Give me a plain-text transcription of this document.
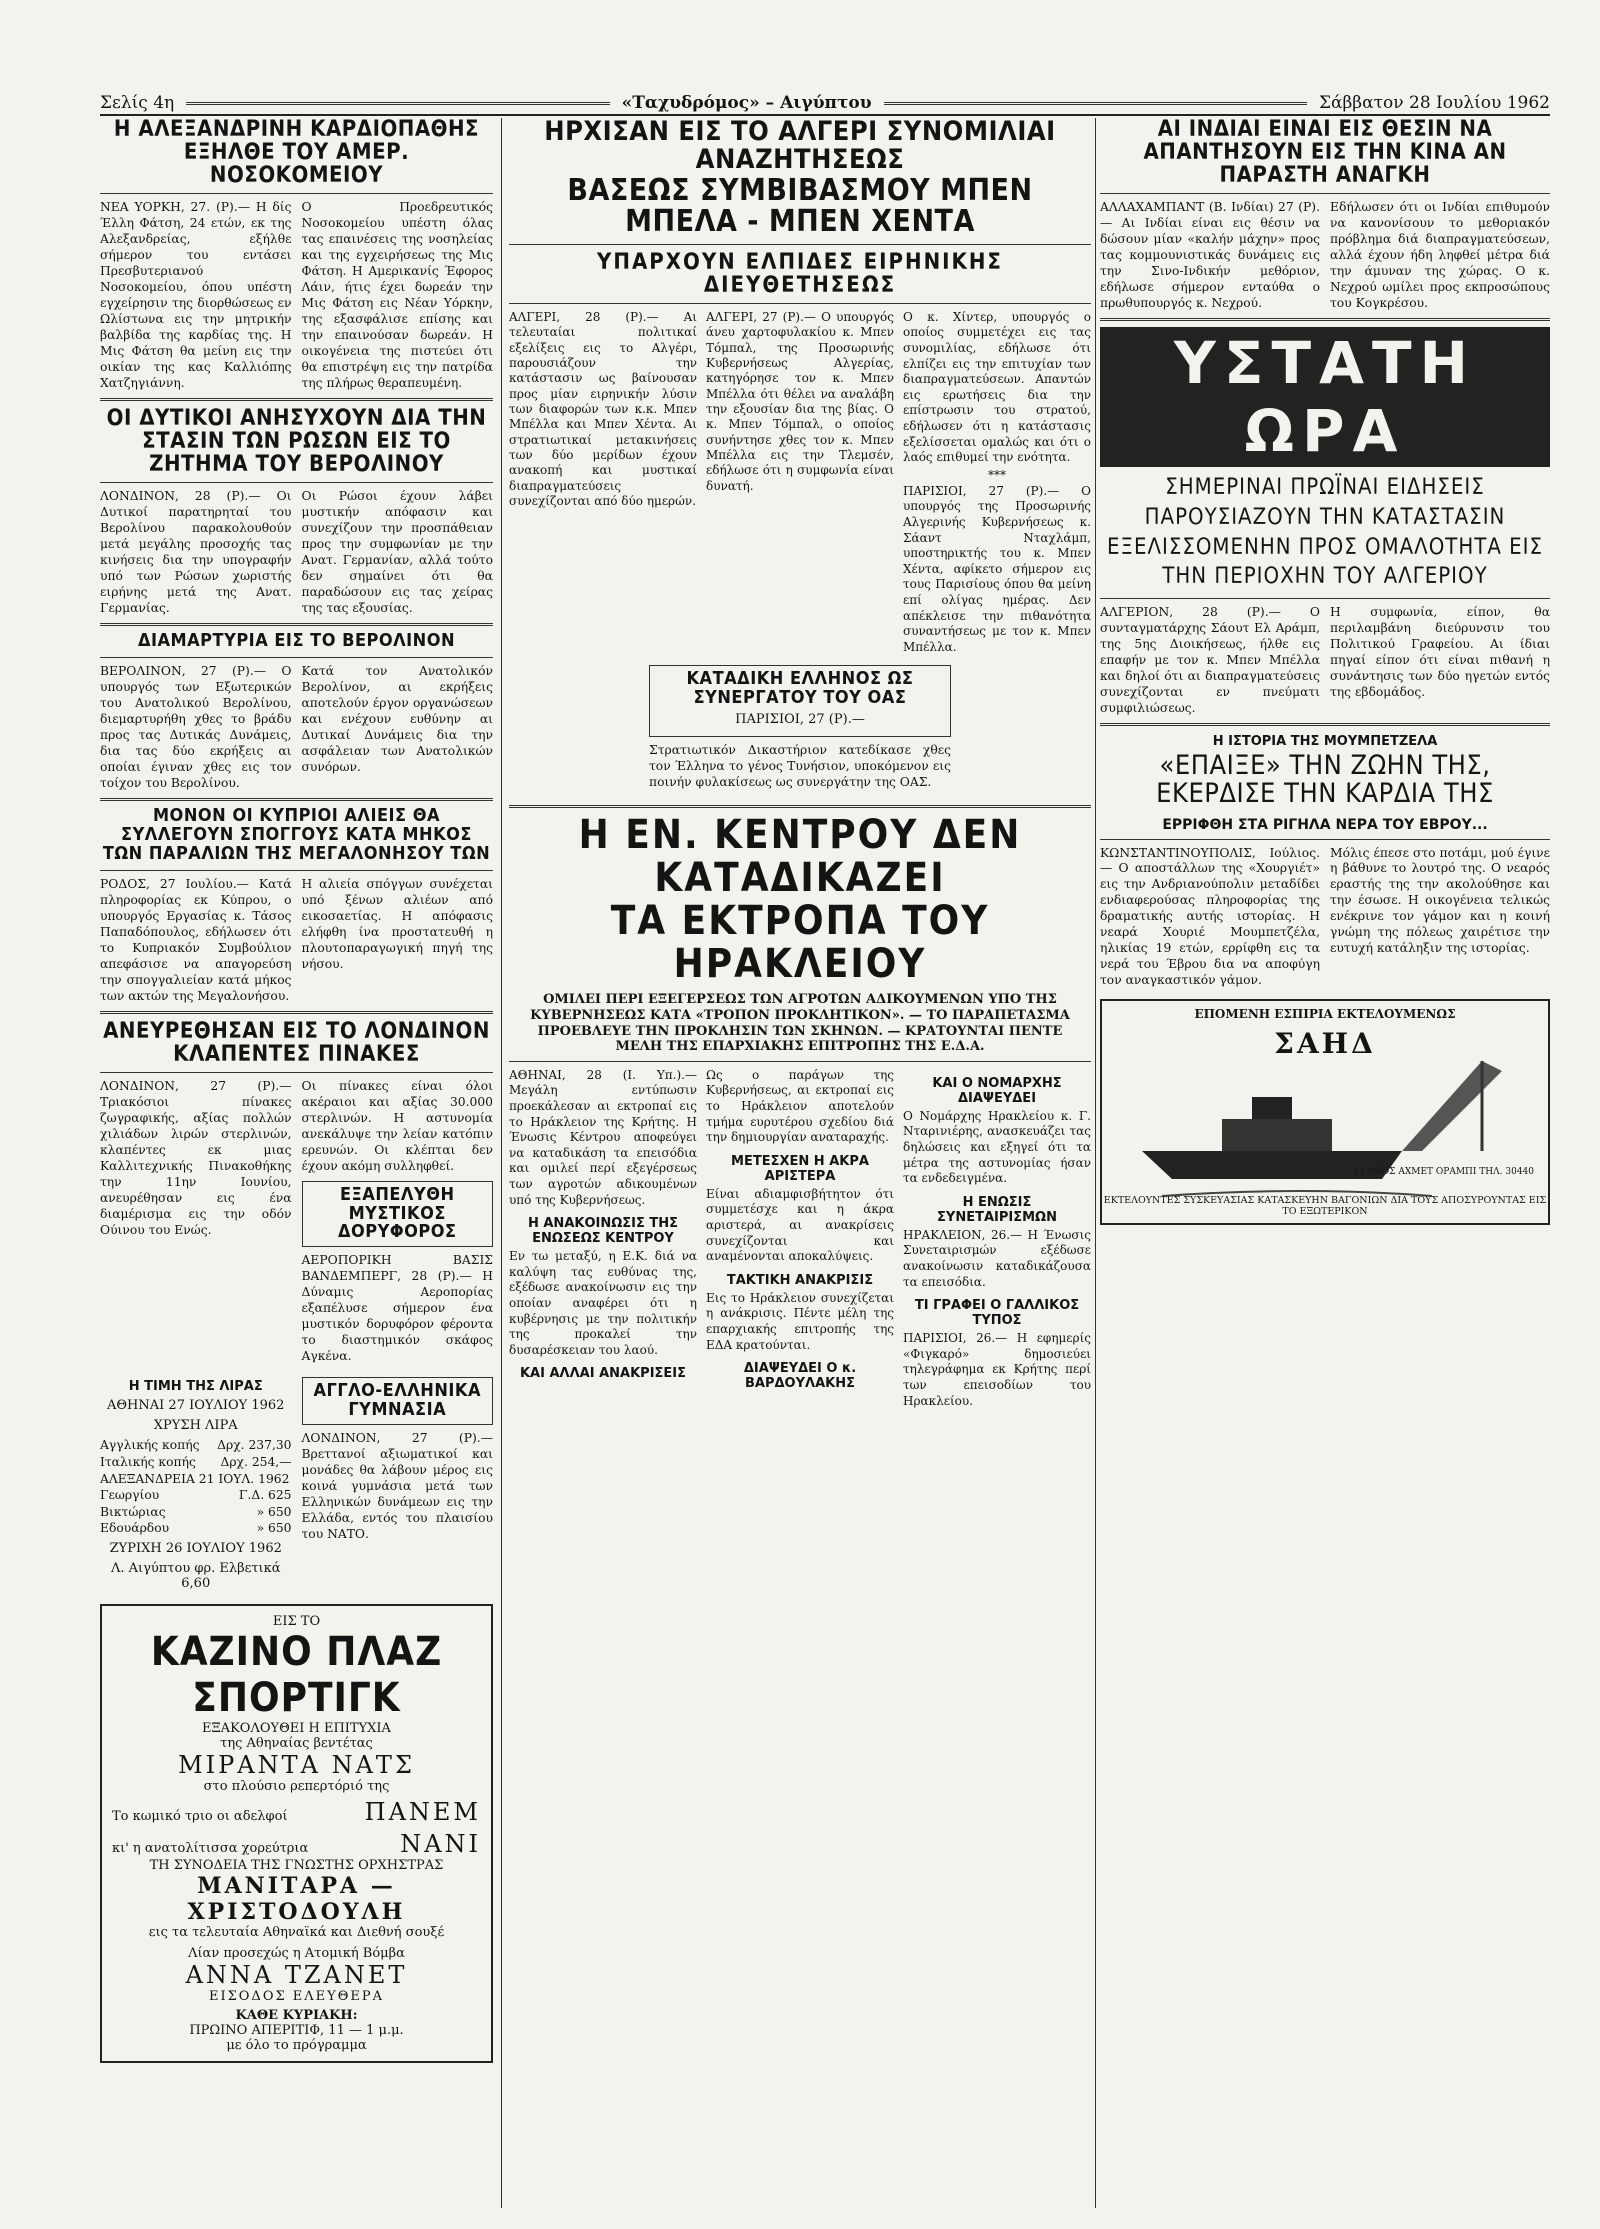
Σελίς 4η	«Ταχυδρόμος» – Αιγύπτου	Σάββατον 28 Ιουλίου 1962

Η ΑΛΕΞΑΝΔΡΙΝΗ ΚΑΡΔΙΟΠΑΘΗΣ ΕΞΗΛΘΕ ΤΟΥ ΑΜΕΡ. ΝΟΣΟΚΟΜΕΙΟΥ

ΝΕΑ ΥΟΡΚΗ, 27. (Ρ).— Η δίς Έλλη Φάτση, 24 ετών, εκ της Αλεξανδρείας, εξήλθε σήμερον του εντάσει Πρεσβυτεριανού Νοσοκομείου, όπου υπέστη εγχείρησιν της διορθώσεως εν Ωλίστωνα εις την μητρικήν βαλβίδα της καρδίας της. Η Μις Φάτση θα μείνη εις την οικίαν της κας Καλλιόπης Χατζηγιάννη.

Ο Προεδρευτικός Νοσοκομείου υπέστη όλας τας επαινέσεις της νοσηλείας και της εγχειρήσεως της Μις Φάτση. Η Αμερικανίς Έφορος Λάιν, ήτις έχει δωρεάν την Μις Φάτση εις Νέαν Υόρκην, της εξασφάλισε επίσης και την επαινούσαν δωρεάν. Η οικογένεια της πιστεύει ότι θα επιστρέψη εις την πατρίδα της πλήρως θεραπευμένη.

ΟΙ ΔΥΤΙΚΟΙ ΑΝΗΣΥΧΟΥΝ ΔΙΑ ΤΗΝ ΣΤΑΣΙΝ ΤΩΝ ΡΩΣΩΝ ΕΙΣ ΤΟ ΖΗΤΗΜΑ ΤΟΥ ΒΕΡΟΛΙΝΟΥ

ΛΟΝΔΙΝΟΝ, 28 (Ρ).— Οι Δυτικοί παρατηρηταί του Βερολίνου παρακολουθούν μετά μεγάλης προσοχής τας κινήσεις δια την υπογραφήν υπό των Ρώσων χωριστής ειρήνης μετά της Ανατ. Γερμανίας.

Οι Ρώσοι έχουν λάβει μυστικήν απόφασιν και συνεχίζουν την προσπάθειαν προς την συμφωνίαν με την Ανατ. Γερμανίαν, αλλά τούτο δεν σημαίνει ότι θα παραδώσουν εις τας χείρας της τας εξουσίας.

ΔΙΑΜΑΡΤΥΡΙΑ ΕΙΣ ΤΟ ΒΕΡΟΛΙΝΟΝ

ΒΕΡΟΛΙΝΟΝ, 27 (Ρ).— Ο υπουργός των Εξωτερικών του Ανατολικού Βερολίνου, διεμαρτυρήθη χθες το βράδυ προς τας Δυτικάς Δυνάμεις, δια τας δύο εκρήξεις αι οποίαι έγιναν χθες εις τον τοίχον του Βερολίνου.

Κατά τον Ανατολικόν Βερολίνον, αι εκρήξεις αποτελούν έργον οργανώσεων και ενέχουν ευθύνην αι Δυτικαί Δυνάμεις δια την ασφάλειαν των Ανατολικών συνόρων.

ΜΟΝΟΝ ΟΙ ΚΥΠΡΙΟΙ ΑΛΙΕΙΣ ΘΑ ΣΥΛΛΕΓΟΥΝ ΣΠΟΓΓΟΥΣ ΚΑΤΑ ΜΗΚΟΣ ΤΩΝ ΠΑΡΑΛΙΩΝ ΤΗΣ ΜΕΓΑΛΟΝΗΣΟΥ ΤΩΝ

ΡΟΔΟΣ, 27 Ιουλίου.— Κατά πληροφορίας εκ Κύπρου, ο υπουργός Εργασίας κ. Τάσος Παπαδόπουλος, εδήλωσεν ότι το Κυπριακόν Συμβούλιον απεφάσισε να απαγορεύση την σπογγαλιείαν κατά μήκος των ακτών της Μεγαλονήσου.

Η αλιεία σπόγγων συνέχεται υπό ξένων αλιέων από εικοσαετίας. Η απόφασις ελήφθη ίνα προστατευθή η πλουτοπαραγωγική πηγή της νήσου.

ΑΝΕΥΡΕΘΗΣΑΝ ΕΙΣ ΤΟ ΛΟΝΔΙΝΟΝ ΚΛΑΠΕΝΤΕΣ ΠΙΝΑΚΕΣ

ΛΟΝΔΙΝΟΝ, 27 (Ρ).— Τριακόσιοι πίνακες ζωγραφικής, αξίας πολλών χιλιάδων λιρών στερλινών, κλαπέντες εκ μιας Καλλιτεχνικής Πινακοθήκης την 11ην Ιουνίου, ανευρέθησαν εις ένα διαμέρισμα εις την οδόν Ούινου του Ενώς.

Οι πίνακες είναι όλοι ακέραιοι και αξίας 30.000 στερλινών. Η αστυνομία ανεκάλυψε την λείαν κατόπιν ερευνών. Οι κλέπται δεν έχουν ακόμη συλληφθεί.

ΕΞΑΠΕΛΥΘΗ ΜΥΣΤΙΚΟΣ ΔΟΡΥΦΟΡΟΣ

ΑΕΡΟΠΟΡΙΚΗ ΒΑΣΙΣ ΒΑΝΔΕΜΠΕΡΓ, 28 (Ρ).— Η Δύναμις Αεροπορίας εξαπέλυσε σήμερον ένα μυστικόν δορυφόρον φέροντα το διαστημικόν σκάφος Αγκένα.

Η ΤΙΜΗ ΤΗΣ ΛΙΡΑΣ

ΑΘΗΝΑΙ 27 ΙΟΥΛΙΟΥ 1962

ΧΡΥΣΗ ΛΙΡΑ

Αγγλικής κοπής Δρχ. 237,30
Ιταλικής κοπής Δρχ. 254,—
ΑΛΕΞΑΝΔΡΕΙΑ 21 ΙΟΥΛ. 1962
Γεωργίου	Γ.Δ. 625
Βικτώριας	» 650
Εδουάρδου	» 650

ΖΥΡΙΧΗ 26 ΙΟΥΛΙΟΥ 1962

Λ. Αιγύπτου φρ. Ελβετικά 6,60

ΑΓΓΛΟ-ΕΛΛΗΝΙΚΑ ΓΥΜΝΑΣΙΑ

ΛΟΝΔΙΝΟΝ, 27 (Ρ).— Βρεττανοί αξιωματικοί και μονάδες θα λάβουν μέρος εις κοινά γυμνάσια μετά των Ελληνικών δυνάμεων εις την Ελλάδα, εντός του πλαισίου του ΝΑΤΟ.

ΕΙΣ ΤΟ
ΚΑΖΙΝΟ ΠΛΑΖ ΣΠΟΡΤΙΓΚ
ΕΞΑΚΟΛΟΥΘΕΙ Η ΕΠΙΤΥΧΙΑ
της Αθηναίας βεντέτας
ΜΙΡΑΝΤΑ ΝΑΤΣ
στο πλούσιο ρεπερτόριό της
Το κωμικό τριο οι αδελφοί	ΠΑΝΕΜ
κι' η ανατολίτισσα χορεύτρια	ΝΑΝΙ
ΤΗ ΣΥΝΟΔΕΙΑ ΤΗΣ ΓΝΩΣΤΗΣ ΟΡΧΗΣΤΡΑΣ
ΜΑΝΙΤΑΡΑ — ΧΡΙΣΤΟΔΟΥΛΗ
εις τα τελευταία Αθηναϊκά και Διεθνή σουξέ
Λίαν προσεχώς η Ατομική Βόμβα
ΑΝΝΑ ΤΖΑΝΕΤ
ΕΙΣΟΔΟΣ ΕΛΕΥΘΕΡΑ
ΚΑΘΕ ΚΥΡΙΑΚΗ:
ΠΡΩΙΝΟ ΑΠΕΡΙΤΙΦ, 11 — 1 μ.μ.
με όλο το πρόγραμμα

ΗΡΧΙΣΑΝ ΕΙΣ ΤΟ ΑΛΓΕΡΙ ΣΥΝΟΜΙΛΙΑΙ ΑΝΑΖΗΤΗΣΕΩΣ

ΒΑΣΕΩΣ ΣΥΜΒΙΒΑΣΜΟΥ ΜΠΕΝ ΜΠΕΛΑ - ΜΠΕΝ ΧΕΝΤΑ

ΥΠΑΡΧΟΥΝ ΕΛΠΙΔΕΣ ΕΙΡΗΝΙΚΗΣ ΔΙΕΥΘΕΤΗΣΕΩΣ

ΑΛΓΕΡΙ, 28 (Ρ).— Αι τελευταίαι πολιτικαί εξελίξεις εις το Αλγέρι, παρουσιάζουν την κατάστασιν ως βαίνουσαν προς μίαν ειρηνικήν λύσιν των διαφορών των κ.κ. Μπεν Μπέλλα και Μπεν Χέντα. Αι στρατιωτικαί μετακινήσεις των δύο μερίδων έχουν ανακοπή και μυστικαί διαπραγματεύσεις συνεχίζονται από δύο ημερών.

ΑΛΓΕΡΙ, 27 (Ρ).— Ο υπουργός άνευ χαρτοφυλακίου κ. Μπεν Τόμπαλ, της Προσωρινής Κυβερνήσεως Αλγερίας, κατηγόρησε τον κ. Μπεν Μπέλλα ότι θέλει να αναλάβη την εξουσίαν δια της βίας. Ο κ. Μπεν Τόμπαλ, ο οποίος συνήντησε χθες τον κ. Μπεν Μπέλλα εις την Τλεμσέν, εδήλωσε ότι η συμφωνία είναι δυνατή.

Ο κ. Χίντερ, υπουργός ο οποίος συμμετέχει εις τας συνομιλίας, εδήλωσε ότι ελπίζει εις την επιτυχίαν των διαπραγματεύσεων. Απαντών εις ερωτήσεις δια την επίστρωσιν του στρατού, εδήλωσεν ότι η κατάστασις εξελίσσεται ομαλώς και ότι ο λαός επιθυμεί την ενότητα.

***

ΠΑΡΙΣΙΟΙ, 27 (Ρ).— Ο υπουργός της Προσωρινής Αλγερινής Κυβερνήσεως κ. Σάαντ Νταχλάμπ, υποστηρικτής του κ. Μπεν Χέντα, αφίκετο σήμερον εις τους Παρισίους όπου θα μείνη επί ολίγας ημέρας. Δεν απέκλεισε την πιθανότητα συναντήσεως με τον κ. Μπεν Μπέλλα.

ΚΑΤΑΔΙΚΗ ΕΛΛΗΝΟΣ ΩΣ ΣΥΝΕΡΓΑΤΟΥ ΤΟΥ ΟΑΣ

ΠΑΡΙΣΙΟΙ, 27 (Ρ).—

Στρατιωτικόν Δικαστήριον κατεδίκασε χθες τον Έλληνα το γένος Τυνήσιον, υποκόμενον εις ποινήν φυλακίσεως ως συνεργάτην της ΟΑΣ.

Η ΕΝ. ΚΕΝΤΡΟΥ ΔΕΝ ΚΑΤΑΔΙΚΑΖΕΙ

ΤΑ ΕΚΤΡΟΠΑ ΤΟΥ ΗΡΑΚΛΕΙΟΥ

ΟΜΙΛΕΙ ΠΕΡΙ ΕΞΕΓΕΡΣΕΩΣ ΤΩΝ ΑΓΡΟΤΩΝ ΑΔΙΚΟΥΜΕΝΩΝ ΥΠΟ ΤΗΣ ΚΥΒΕΡΝΗΣΕΩΣ ΚΑΤΑ «ΤΡΟΠΟΝ ΠΡΟΚΛΗΤΙΚΟΝ». — ΤΟ ΠΑΡΑΠΕΤΑΣΜΑ ΠΡΟΕΒΛΕΥΕ ΤΗΝ ΠΡΟΚΛΗΣΙΝ ΤΩΝ ΣΚΗΝΩΝ. — ΚΡΑΤΟΥΝΤΑΙ ΠΕΝΤΕ ΜΕΛΗ ΤΗΣ ΕΠΑΡΧΙΑΚΗΣ ΕΠΙΤΡΟΠΗΣ ΤΗΣ Ε.Δ.Α.

ΑΘΗΝΑΙ, 28 (Ι. Υπ.).— Μεγάλη εντύπωσιν προεκάλεσαν αι εκτροπαί εις το Ηράκλειον της Κρήτης. Η Ένωσις Κέντρου αποφεύγει να καταδικάση τα επεισόδια και ομιλεί περί εξεγέρσεως των αγροτών αδικουμένων υπό της Κυβερνήσεως.

Η ΑΝΑΚΟΙΝΩΣΙΣ ΤΗΣ ΕΝΩΣΕΩΣ ΚΕΝΤΡΟΥ

Εν τω μεταξύ, η Ε.Κ. διά να καλύψη τας ευθύνας της, εξέδωσε ανακοίνωσιν εις την οποίαν αναφέρει ότι η κυβέρνησις με την πολιτικήν της προκαλεί την δυσαρέσκειαν του λαού.

ΚΑΙ ΑΛΛΑΙ ΑΝΑΚΡΙΣΕΙΣ

Ως ο παράγων της Κυβερνήσεως, αι εκτροπαί εις το Ηράκλειον αποτελούν τμήμα ευρυτέρου σχεδίου διά την δημιουργίαν αναταραχής.

ΜΕΤΕΣΧΕΝ Η ΑΚΡΑ ΑΡΙΣΤΕΡΑ

Είναι αδιαμφισβήτητον ότι συμμετέσχε και η άκρα αριστερά, αι ανακρίσεις συνεχίζονται και αναμένονται αποκαλύψεις.

ΤΑΚΤΙΚΗ ΑΝΑΚΡΙΣΙΣ

Εις το Ηράκλειον συνεχίζεται η ανάκρισις. Πέντε μέλη της επαρχιακής επιτροπής της ΕΔΑ κρατούνται.

ΔΙΑΨΕΥΔΕΙ Ο κ. ΒΑΡΔΟΥΛΑΚΗΣ

ΚΑΙ Ο ΝΟΜΑΡΧΗΣ ΔΙΑΨΕΥΔΕΙ

Ο Νομάρχης Ηρακλείου κ. Γ. Νταρινιέρης, ανασκευάζει τας δηλώσεις και εξηγεί ότι τα μέτρα της αστυνομίας ήσαν τα ενδεδειγμένα.

Η ΕΝΩΣΙΣ ΣΥΝΕΤΑΙΡΙΣΜΩΝ

ΗΡΑΚΛΕΙΟΝ, 26.— Η Ένωσις Συνεταιρισμών εξέδωσε ανακοίνωσιν καταδικάζουσα τα επεισόδια.

ΤΙ ΓΡΑΦΕΙ Ο ΓΑΛΛΙΚΟΣ ΤΥΠΟΣ

ΠΑΡΙΣΙΟΙ, 26.— Η εφημερίς «Φιγκαρό» δημοσιεύει τηλεγράφημα εκ Κρήτης περί των επεισοδίων του Ηρακλείου.

ΑΙ ΙΝΔΙΑΙ ΕΙΝΑΙ ΕΙΣ ΘΕΣΙΝ ΝΑ ΑΠΑΝΤΗΣΟΥΝ ΕΙΣ ΤΗΝ ΚΙΝΑ ΑΝ ΠΑΡΑΣΤΗ ΑΝΑΓΚΗ

ΑΛΛΑΧΑΜΠΑΝΤ (Β. Ινδίαι) 27 (Ρ).— Αι Ινδίαι είναι εις θέσιν να δώσουν μίαν «καλήν μάχην» προς τας κομμουνιστικάς δυνάμεις εις την Σινο-Ινδικήν μεθόριον, εδήλωσε σήμερον ενταύθα ο πρωθυπουργός κ. Νεχρού.

Εδήλωσεν ότι οι Ινδίαι επιθυμούν να κανονίσουν το μεθοριακόν πρόβλημα διά διαπραγματεύσεων, αλλά έχουν ήδη ληφθεί μέτρα διά την άμυναν της χώρας. Ο κ. Νεχρού ωμίλει προς εκπροσώπους του Κογκρέσου.

ΥΣΤΑΤΗ ΩΡΑ

ΣΗΜΕΡΙΝΑΙ ΠΡΩΪΝΑΙ ΕΙΔΗΣΕΙΣ ΠΑΡΟΥΣΙΑΖΟΥΝ ΤΗΝ ΚΑΤΑΣΤΑΣΙΝ ΕΞΕΛΙΣΣΟΜΕΝΗΝ ΠΡΟΣ ΟΜΑΛΟΤΗΤΑ ΕΙΣ ΤΗΝ ΠΕΡΙΟΧΗΝ ΤΟΥ ΑΛΓΕΡΙΟΥ

ΑΛΓΕΡΙΟΝ, 28 (Ρ).— Ο συνταγματάρχης Σάουτ Ελ Αράμπ, της 5ης Διοικήσεως, ήλθε εις επαφήν με τον κ. Μπεν Μπέλλα και δηλοί ότι αι διαπραγματεύσεις συνεχίζονται εν πνεύματι συμφιλιώσεως.

Η συμφωνία, είπον, θα περιλαμβάνη διεύρυνσιν του Πολιτικού Γραφείου. Αι ίδιαι πηγαί είπον ότι είναι πιθανή η συνάντησις των δύο ηγετών εντός της εβδομάδος.

Η ΙΣΤΟΡΙΑ ΤΗΣ ΜΟΥΜΠΕΤΖΕΛΑ

«ΕΠΑΙΞΕ» ΤΗΝ ΖΩΗΝ ΤΗΣ, ΕΚΕΡΔΙΣΕ ΤΗΝ ΚΑΡΔΙΑ ΤΗΣ

ΕΡΡΙΦΘΗ ΣΤΑ ΡΙΓΗΛΑ ΝΕΡΑ ΤΟΥ ΕΒΡΟΥ...

ΚΩΝΣΤΑΝΤΙΝΟΥΠΟΛΙΣ, Ιούλιος.— Ο αποστάλλων της «Χουργιέτ» εις την Ανδριανούπολιν μεταδίδει ενδιαφερούσας πληροφορίας της δραματικής αυτής ιστορίας. Η νεαρά Χουριέ Μουμπετζέλα, ηλικίας 19 ετών, ερρίφθη εις τα νερά του Έβρου δια να αποφύγη τον αναγκαστικόν γάμον.

Μόλις έπεσε στο ποτάμι, μού έγινε η βάθυνε το λουτρό της. Ο νεαρός εραστής της την ακολούθησε και την έσωσε. Η οικογένεια τελικώς ενέκρινε τον γάμον και η κοινή γνώμη της πόλεως χαιρέτισε την ευτυχή κατάληξιν της ιστορίας.

ΕΠΟΜΕΝΗ ΕΣΠΙΡΙΑ ΕΚΤΕΛΟΥΜΕΝΩΣ
ΣΑΗΔ
11 ΟΔΟΣ ΑΧΜΕΤ ΟΡΑΜΠΙ ΤΗΛ. 30440
ΕΚΤΕΛΟΥΝΤΕΣ ΣΥΣΚΕΥΑΣΙΑΣ ΚΑΤΑΣΚΕΥΗΝ ΒΑΓΟΝΙΩΝ ΔΙΑ ΤΟΥΣ ΑΠΟΣΥΡΟΥΝΤΑΣ ΕΙΣ ΤΟ ΕΞΩΤΕΡΙΚΟΝ
